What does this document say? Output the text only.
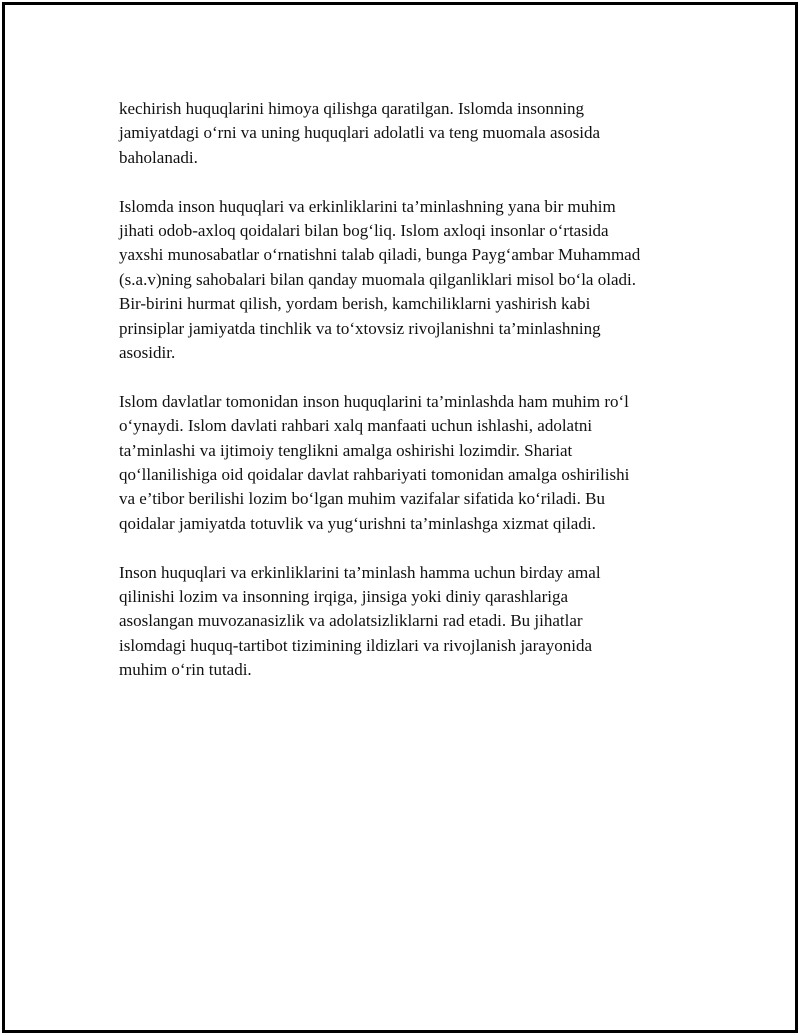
kechirish huquqlarini himoya qilishga qaratilgan. Islomda insonning
jamiyatdagi o‘rni va uning huquqlari adolatli va teng muomala asosida
baholanadi.

Islomda inson huquqlari va erkinliklarini ta’minlashning yana bir muhim
jihati odob-axloq qoidalari bilan bog‘liq. Islom axloqi insonlar o‘rtasida
yaxshi munosabatlar o‘rnatishni talab qiladi, bunga Payg‘ambar Muhammad
(s.a.v)ning sahobalari bilan qanday muomala qilganliklari misol bo‘la oladi.
Bir-birini hurmat qilish, yordam berish, kamchiliklarni yashirish kabi
prinsiplar jamiyatda tinchlik va to‘xtovsiz rivojlanishni ta’minlashning
asosidir.

Islom davlatlar tomonidan inson huquqlarini ta’minlashda ham muhim ro‘l
o‘ynaydi. Islom davlati rahbari xalq manfaati uchun ishlashi, adolatni
ta’minlashi va ijtimoiy tenglikni amalga oshirishi lozimdir. Shariat
qo‘llanilishiga oid qoidalar davlat rahbariyati tomonidan amalga oshirilishi
va e’tibor berilishi lozim bo‘lgan muhim vazifalar sifatida ko‘riladi. Bu
qoidalar jamiyatda totuvlik va yug‘urishni ta’minlashga xizmat qiladi.

Inson huquqlari va erkinliklarini ta’minlash hamma uchun birday amal
qilinishi lozim va insonning irqiga, jinsiga yoki diniy qarashlariga
asoslangan muvozanasizlik va adolatsizliklarni rad etadi. Bu jihatlar
islomdagi huquq-tartibot tizimining ildizlari va rivojlanish jarayonida
muhim o‘rin tutadi.
